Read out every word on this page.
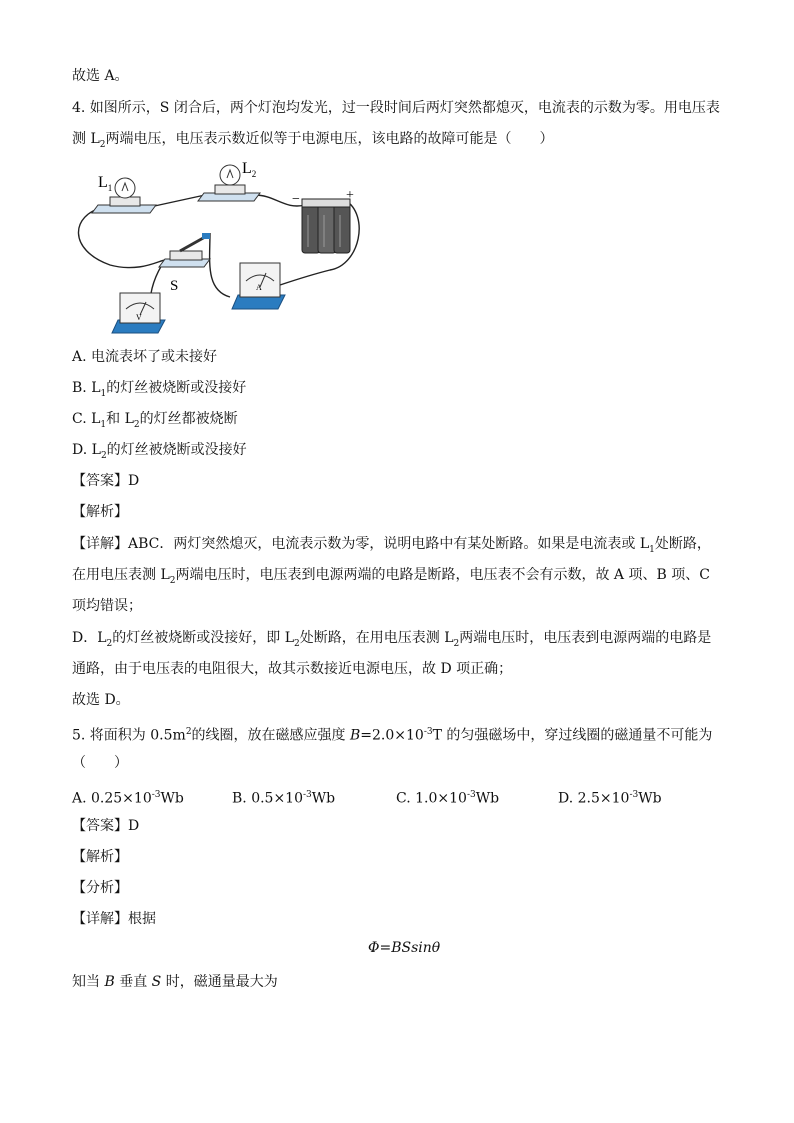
故选 A。
4. 如图所示，S 闭合后，两个灯泡均发光，过一段时间后两灯突然都熄灭，电流表的示数为零。用电压表
测 $L_2$两端电压，电压表示数近似等于电源电压，该电路的故障可能是（　　）
$L_1$
$L_2$
−	+
S
V
A
A. 电流表坏了或未接好
B. $L_1$的灯丝被烧断或没接好
C. $L_1$和 $L_2$的灯丝都被烧断
D. $L_2$的灯丝被烧断或没接好
【答案】D
【解析】
【详解】ABC．两灯突然熄灭，电流表示数为零，说明电路中有某处断路。如果是电流表或 $L_1$处断路，
在用电压表测 $L_2$两端电压时，电压表到电源两端的电路是断路，电压表不会有示数，故 A 项、B 项、C
项均错误；
D．$L_2$的灯丝被烧断或没接好，即 $L_2$处断路，在用电压表测 $L_2$两端电压时，电压表到电源两端的电路是
通路，由于电压表的电阻很大，故其示数接近电源电压，故 D 项正确；
故选 D。
5. 将面积为 $0.5m^2$的线圈，放在磁感应强度 $B=2.0\times 10^{-3}T$ 的匀强磁场中，穿过线圈的磁通量不可能为
（　　）
A. $0.25\times 10^{-3}Wb$	B. $0.5\times 10^{-3}Wb$	C. $1.0\times 10^{-3}Wb$	D. $2.5\times 10^{-3}Wb$
【答案】D
【解析】
【分析】
【详解】根据
Φ=BSsinθ
知当 B 垂直 S 时，磁通量最大为
